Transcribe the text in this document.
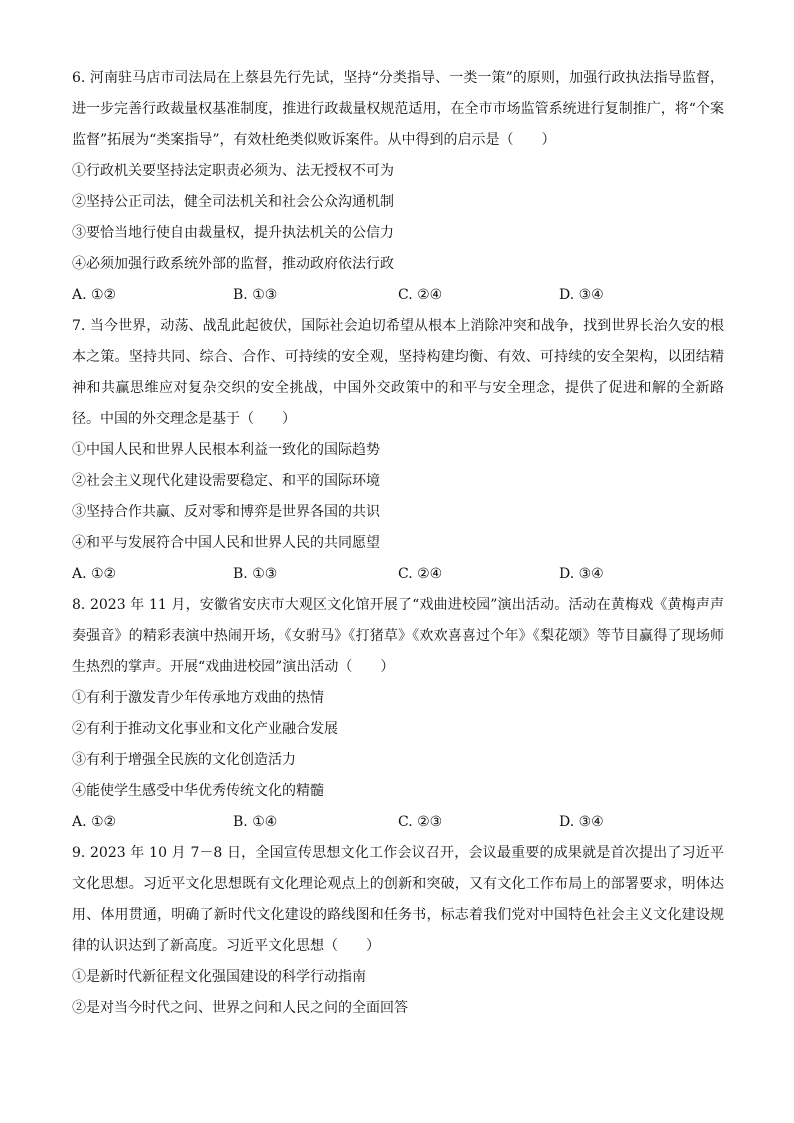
6. 河南驻马店市司法局在上蔡县先行先试，坚持“分类指导、一类一策”的原则，加强行政执法指导监督，进一步完善行政裁量权基准制度，推进行政裁量权规范适用，在全市市场监管系统进行复制推广，将“个案监督”拓展为“类案指导”，有效杜绝类似败诉案件。从中得到的启示是（　　）

①行政机关要坚持法定职责必须为、法无授权不可为

②坚持公正司法，健全司法机关和社会公众沟通机制

③要恰当地行使自由裁量权，提升执法机关的公信力

④必须加强行政系统外部的监督，推动政府依法行政

A. ①②	B. ①③	C. ②④	D. ③④

7. 当今世界，动荡、战乱此起彼伏，国际社会迫切希望从根本上消除冲突和战争，找到世界长治久安的根本之策。坚持共同、综合、合作、可持续的安全观，坚持构建均衡、有效、可持续的安全架构，以团结精神和共赢思维应对复杂交织的安全挑战，中国外交政策中的和平与安全理念，提供了促进和解的全新路径。中国的外交理念是基于（　　）

①中国人民和世界人民根本利益一致化的国际趋势

②社会主义现代化建设需要稳定、和平的国际环境

③坚持合作共赢、反对零和博弈是世界各国的共识

④和平与发展符合中国人民和世界人民的共同愿望

A. ①②	B. ①③	C. ②④	D. ③④

8. 2023 年 11 月，安徽省安庆市大观区文化馆开展了“戏曲进校园”演出活动。活动在黄梅戏《黄梅声声奏强音》的精彩表演中热闹开场，《女驸马》《打猪草》《欢欢喜喜过个年》《梨花颂》等节目赢得了现场师生热烈的掌声。开展“戏曲进校园”演出活动（　　）

①有利于激发青少年传承地方戏曲的热情

②有利于推动文化事业和文化产业融合发展

③有利于增强全民族的文化创造活力

④能使学生感受中华优秀传统文化的精髓

A. ①②	B. ①④	C. ②③	D. ③④

9. 2023 年 10 月 7－8 日，全国宣传思想文化工作会议召开，会议最重要的成果就是首次提出了习近平文化思想。习近平文化思想既有文化理论观点上的创新和突破，又有文化工作布局上的部署要求，明体达用、体用贯通，明确了新时代文化建设的路线图和任务书，标志着我们党对中国特色社会主义文化建设规律的认识达到了新高度。习近平文化思想（　　）

①是新时代新征程文化强国建设的科学行动指南

②是对当今时代之问、世界之问和人民之问的全面回答
